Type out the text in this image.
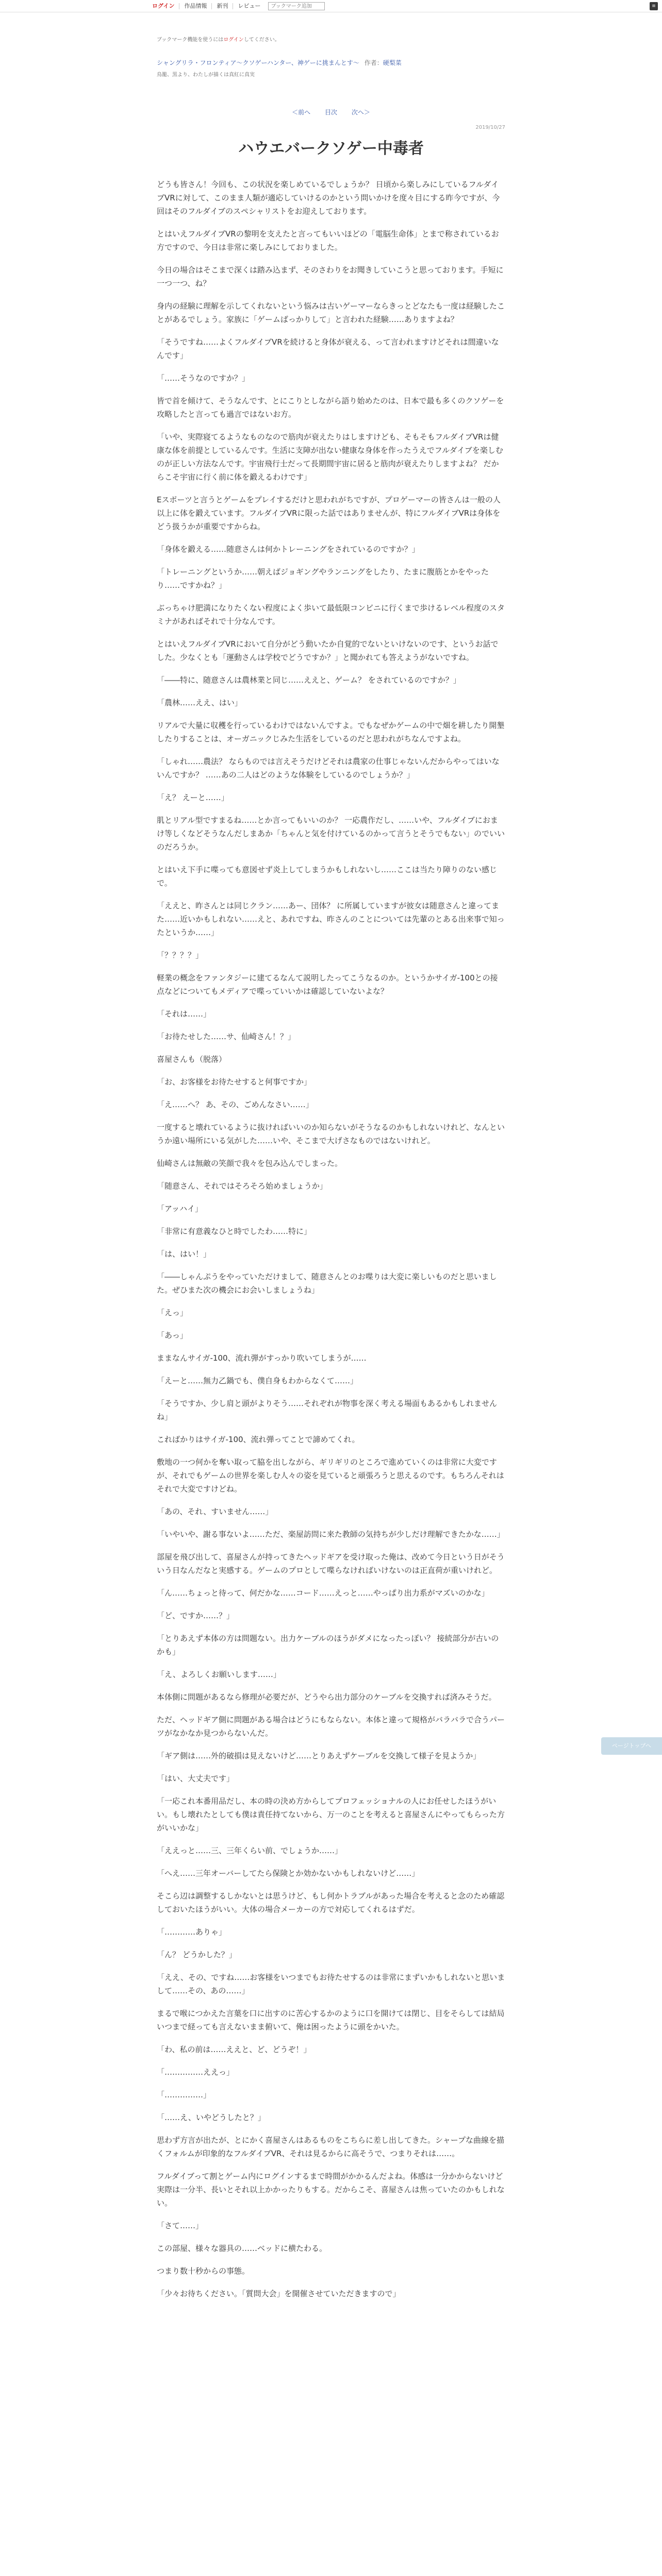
ログイン	作品情報	新刊	レビュー
ブックマーク追加	≡
ブックマーク機能を使うにはログインしてください。
シャングリラ・フロンティア〜クソゲーハンター、神ゲーに挑まんとす〜 作者：硬梨菜
鳥籠、黒より、わたしが描くは真紅に真実
＜前へ 目次 次へ＞
2019/10/27
ハウエバークソゲー中毒者

どうも皆さん！今回も、この状況を楽しめているでしょうか？ 日頃から楽しみにしているフルダイブVRに対して、このまま人類が適応していけるのかという問いかけを度々目にする昨今ですが、今回はそのフルダイブのスペシャリストをお迎えしております。

とはいえフルダイブVRの黎明を支えたと言ってもいいほどの「電脳生命体」とまで称されているお方ですので、今日は非常に楽しみにしておりました。

今日の場合はそこまで深くは踏み込まず、そのさわりをお聞きしていこうと思っております。手短に一つ一つ、ね？

身内の経験に理解を示してくれないという悩みは古いゲーマーならきっとどなたも一度は経験したことがあるでしょう。家族に「ゲームばっかりして」と言われた経験……ありますよね？

「そうですね……よくフルダイブVRを続けると身体が衰える、って言われますけどそれは間違いなんです」

「……そうなのですか？」

皆で首を傾けて、そうなんです、とにこりとしながら語り始めたのは、日本で最も多くのクソゲーを攻略したと言っても過言ではないお方。

「いや、実際寝てるようなものなので筋肉が衰えたりはしますけども、そもそもフルダイブVRは健康な体を前提としているんです。生活に支障が出ない健康な身体を作ったうえでフルダイブを楽しむのが正しい方法なんです。宇宙飛行士だって長期間宇宙に居ると筋肉が衰えたりしますよね？ だからこそ宇宙に行く前に体を鍛えるわけです」

Eスポーツと言うとゲームをプレイするだけと思われがちですが、プロゲーマーの皆さんは一般の人以上に体を鍛えています。フルダイブVRに限った話ではありませんが、特にフルダイブVRは身体をどう扱うかが重要ですからね。

「身体を鍛える……随意さんは何かトレーニングをされているのですか？」

「トレーニングというか……朝えばジョギングやランニングをしたり、たまに腹筋とかをやったり……ですかね？」

ぶっちゃけ肥満になりたくない程度によく歩いて最低限コンビニに行くまで歩けるレベル程度のスタミナがあればそれで十分なんです。

とはいえフルダイブVRにおいて自分がどう動いたか自覚的でないといけないのです、というお話でした。少なくとも「運動さんは学校でどうですか？」と聞かれても答えようがないですね。

「――特に、随意さんは農林業と同じ……ええと、ゲーム？ をされているのですか？」

「農林……ええ、はい」

リアルで大量に収穫を行っているわけではないんですよ。でもなぜかゲームの中で畑を耕したり開墾したりすることは、オーガニックじみた生活をしているのだと思われがちなんですよね。

「しゃれ……農法？ ならものでは言えそうだけどそれは農家の仕事じゃないんだからやってはいないんですか？ ……あの二人はどのような体験をしているのでしょうか？」

「え？ えーと……」

肌とリアル型ですまるね……とか言ってもいいのか？ 一応農作だし、……いや、フルダイブにおまけ等しくなどそうなんだしまあか「ちゃんと気を付けているのかって言うとそうでもない」のでいいのだろうか。

とはいえ下手に喋っても意図せず炎上してしまうかもしれないし……ここは当たり障りのない感じで。

「ええと、昨さんとは同じクラン……あー、団体？ に所属していますが彼女は随意さんと違ってまた……近いかもしれない……えと、あれですね、昨さんのことについては先輩のとある出来事で知ったというか……」

「？？？？」

軽業の概念をファンタジーに建てるなんて説明したってこうなるのか。というかサイガ-100との接点などについてもメディアで喋っていいかは確認していないよな？

「それは……」

「お待たせした……サ、仙崎さん！？」

喜屋さんも（脱落）

「お、お客様をお待たせすると何事ですか」

「え……へ？ あ、その、ごめんなさい……」

一度すると壊れているように抜ければいいのか知らないがそうなるのかもしれないけれど、なんというか遠い場所にいる気がした……いや、そこまで大げさなものではないけれど。

仙崎さんは無敵の笑顔で我々を包み込んでしまった。

「随意さん、それではそろそろ始めましょうか」

「アッハイ」

「非常に有意義なひと時でしたわ……特に」

「は、はい！」

「――しゃんぷうをやっていただけまして、随意さんとのお喋りは大変に楽しいものだと思いました。ぜひまた次の機会にお会いしましょうね」

「えっ」

「あっ」

ままなんサイガ-100、流れ弾がすっかり吹いてしまうが……

「えーと……無力乙鍋でも、僕自身もわからなくて……」

「そうですか、少し肩と頭がよりそう……それぞれが物事を深く考える場面もあるかもしれませんね」

こればかりはサイガ-100、流れ弾ってことで諦めてくれ。

敷地の一つ何かを奪い取って脇を出しながら、ギリギリのところで進めていくのは非常に大変ですが、それでもゲームの世界を楽しむ人々の姿を見ていると頑張ろうと思えるのです。もちろんそれはそれで大変ですけどね。

「あの、それ、すいません……」

「いやいや、謝る事ないよ……ただ、楽屋訪問に来た教師の気持ちが少しだけ理解できたかな……」

部屋を飛び出して、喜屋さんが持ってきたヘッドギアを受け取った俺は、改めて今日という日がそういう日なんだなと実感する。ゲームのプロとして喋らなければいけないのは正直荷が重いけれど。

「ん……ちょっと待って、何だかな……コード……えっと……やっぱり出力系がマズいのかな」

「ど、ですか……？」

「とりあえず本体の方は問題ない。出力ケーブルのほうがダメになったっぽい？ 接続部分が古いのかも」

「え、よろしくお願いします……」

本体側に問題があるなら修理が必要だが、どうやら出力部分のケーブルを交換すれば済みそうだ。

ただ、ヘッドギア側に問題がある場合はどうにもならない。本体と違って規格がバラバラで合うパーツがなかなか見つからないんだ。

「ギア側は……外的破損は見えないけど……とりあえずケーブルを交換して様子を見ようか」

「はい、大丈夫です」

「一応これ本番用品だし、本の時の決め方からしてプロフェッショナルの人にお任せしたほうがいい。もし壊れたとしても僕は責任持てないから、万一のことを考えると喜屋さんにやってもらった方がいいかな」

「ええっと……三、三年くらい前、でしょうか……」

「へえ……三年オーバーしてたら保険とか効かないかもしれないけど……」

そこら辺は調整するしかないとは思うけど、もし何かトラブルがあった場合を考えると念のため確認しておいたほうがいい。大体の場合メーカーの方で対応してくれるはずだ。

「…………ありゃ」

「ん？ どうかした？」

「ええ、その、ですね……お客様をいつまでもお待たせするのは非常にまずいかもしれないと思いまして……その、あの……」

まるで喉につかえた言葉を口に出すのに苦心するかのように口を開けては閉じ、目をそらしては結局いつまで経っても言えないまま俯いて、俺は困ったように頭をかいた。

「わ、私の前は……ええと、ど、どうぞ！」

「……………ええっ」

「……………」

「……え、いやどうしたと？」

思わず方言が出たが、とにかく喜屋さんはあるものをこちらに差し出してきた。シャープな曲線を描くフォルムが印象的なフルダイブVR、それは見るからに高そうで、つまりそれは……。

フルダイブって割とゲーム内にログインするまで時間がかかるんだよね。体感は一分かからないけど実際は一分半、長いとそれ以上かかったりもする。だからこそ、喜屋さんは焦っていたのかもしれない。

「さて……」

この部屋、様々な器具の……ベッドに横たわる。

つまり数十秒からの事態。

「少々お待ちください。「質問大会」を開催させていただきますので」

ページトップへ
